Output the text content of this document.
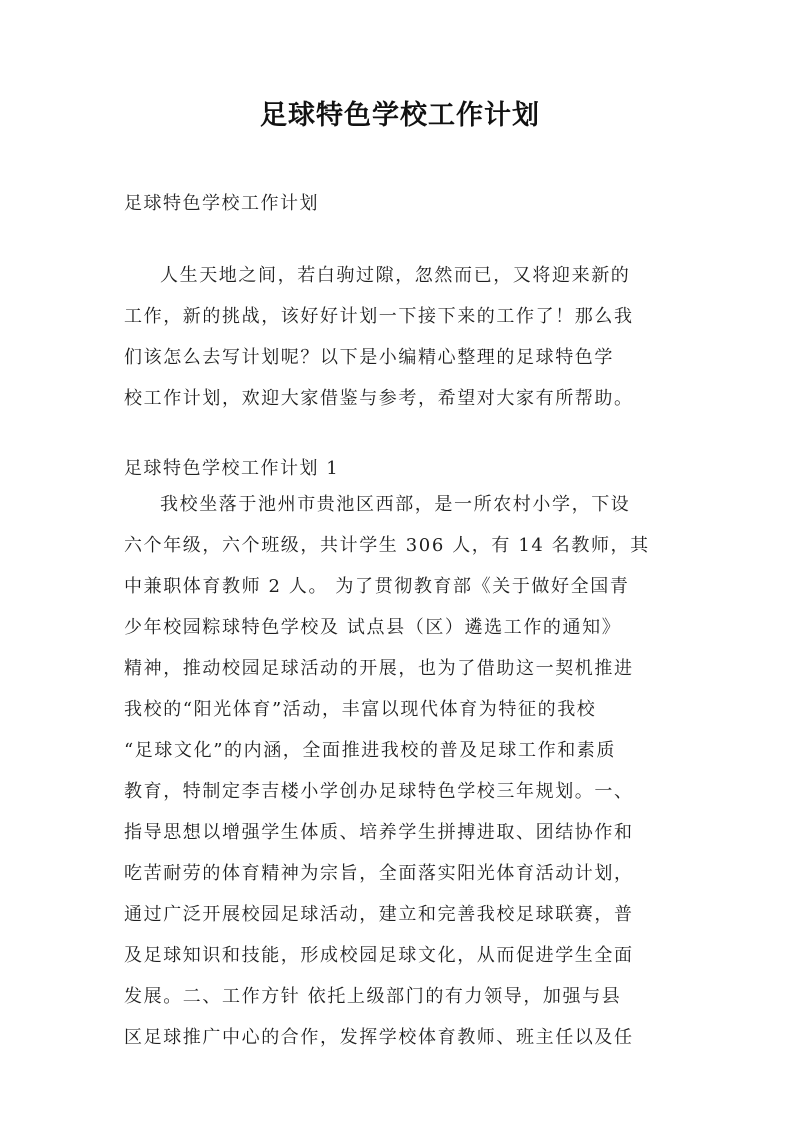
足球特色学校工作计划
足球特色学校工作计划
人生天地之间，若白驹过隙，忽然而已，又将迎来新的
工作，新的挑战，该好好计划一下接下来的工作了！那么我
们该怎么去写计划呢？以下是小编精心整理的足球特色学
校工作计划，欢迎大家借鉴与参考，希望对大家有所帮助。
足球特色学校工作计划 1
我校坐落于池州市贵池区西部，是一所农村小学，下设
六个年级，六个班级，共计学生 306 人，有 14 名教师，其
中兼职体育教师 2 人。 为了贯彻教育部《关于做好全国青
少年校园粽球特色学校及 试点县（区）遴选工作的通知》
精神，推动校园足球活动的开展，也为了借助这一契机推进
我校的“阳光体育”活动，丰富以现代体育为特征的我校
“足球文化”的内涵，全面推进我校的普及足球工作和素质
教育，特制定李吉楼小学创办足球特色学校三年规划。一、
指导思想以增强学生体质、培养学生拼搏进取、团结协作和
吃苦耐劳的体育精神为宗旨，全面落实阳光体育活动计划，
通过广泛开展校园足球活动，建立和完善我校足球联赛，普
及足球知识和技能，形成校园足球文化，从而促进学生全面
发展。二、工作方针 依托上级部门的有力领导，加强与县
区足球推广中心的合作，发挥学校体育教师、班主任以及任
